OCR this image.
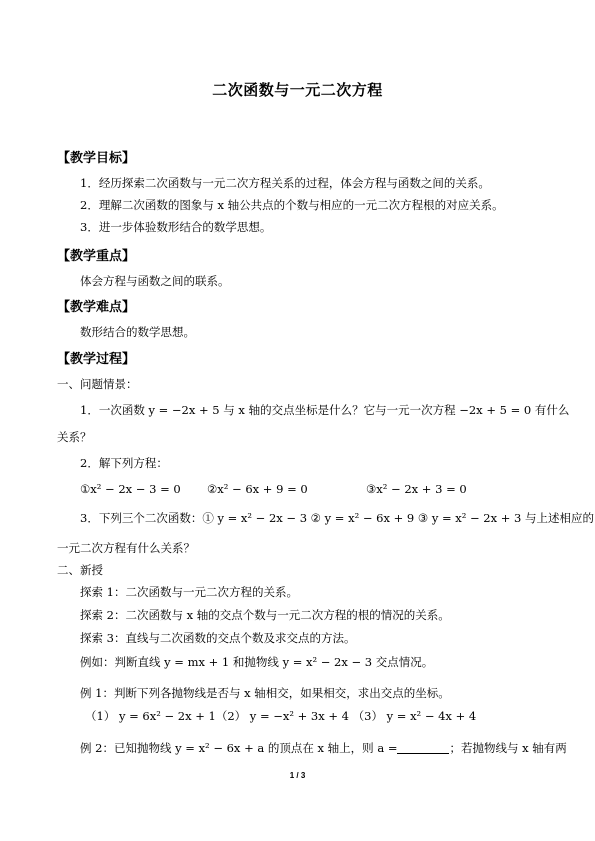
二次函数与一元二次方程
【教学目标】
1．经历探索二次函数与一元二次方程关系的过程，体会方程与函数之间的关系。
2．理解二次函数的图象与 x 轴公共点的个数与相应的一元二次方程根的对应关系。
3．进一步体验数形结合的数学思想。
【教学重点】
体会方程与函数之间的联系。
【教学难点】
数形结合的数学思想。
【教学过程】
一、问题情景：
1．一次函数 y = −2x + 5 与 x 轴的交点坐标是什么？它与一元一次方程 −2x + 5 = 0 有什么
关系？
2．解下列方程：
①x² − 2x − 3 = 0 ②x² − 6x + 9 = 0	③x² − 2x + 3 = 0
3．下列三个二次函数：① y = x² − 2x − 3 ② y = x² − 6x + 9 ③ y = x² − 2x + 3 与上述相应的
一元二次方程有什么关系？
二、新授
探索 1：二次函数与一元二次方程的关系。
探索 2：二次函数与 x 轴的交点个数与一元二次方程的根的情况的关系。
探索 3：直线与二次函数的交点个数及求交点的方法。
例如：判断直线 y = mx + 1 和抛物线 y = x² − 2x − 3 交点情况。
例 1：判断下列各抛物线是否与 x 轴相交，如果相交，求出交点的坐标。
（1） y = 6x² − 2x + 1（2） y = −x² + 3x + 4 （3） y = x² − 4x + 4
例 2：已知抛物线 y = x² − 6x + a 的顶点在 x 轴上，则 a =	；若抛物线与 x 轴有两
1 / 3
